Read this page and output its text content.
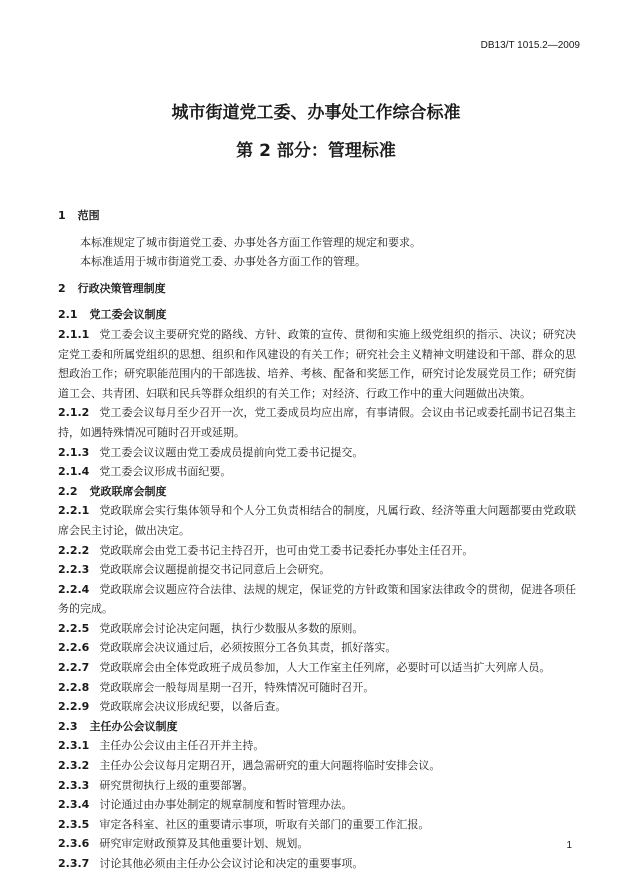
DB13/T 1015.2—2009
城市街道党工委、办事处工作综合标准
第 2 部分：管理标准

1 范围

本标准规定了城市街道党工委、办事处各方面工作管理的规定和要求。

本标准适用于城市街道党工委、办事处各方面工作的管理。

2 行政决策管理制度

2.1 党工委会议制度

2.1.1 党工委会议主要研究党的路线、方针、政策的宣传、贯彻和实施上级党组织的指示、决议；研究决定党工委和所属党组织的思想、组织和作风建设的有关工作；研究社会主义精神文明建设和干部、群众的思想政治工作；研究职能范围内的干部选拔、培养、考核、配备和奖惩工作，研究讨论发展党员工作；研究街道工会、共青团、妇联和民兵等群众组织的有关工作；对经济、行政工作中的重大问题做出决策。

2.1.2 党工委会议每月至少召开一次，党工委成员均应出席，有事请假。会议由书记或委托副书记召集主持，如遇特殊情况可随时召开或延期。

2.1.3 党工委会议议题由党工委成员提前向党工委书记提交。

2.1.4 党工委会议形成书面纪要。

2.2 党政联席会制度

2.2.1 党政联席会实行集体领导和个人分工负责相结合的制度，凡属行政、经济等重大问题都要由党政联席会民主讨论，做出决定。

2.2.2 党政联席会由党工委书记主持召开，也可由党工委书记委托办事处主任召开。

2.2.3 党政联席会议题提前提交书记同意后上会研究。

2.2.4 党政联席会议题应符合法律、法规的规定，保证党的方针政策和国家法律政令的贯彻，促进各项任务的完成。

2.2.5 党政联席会讨论决定问题，执行少数服从多数的原则。

2.2.6 党政联席会决议通过后，必须按照分工各负其责，抓好落实。

2.2.7 党政联席会由全体党政班子成员参加，人大工作室主任列席，必要时可以适当扩大列席人员。

2.2.8 党政联席会一般每周星期一召开，特殊情况可随时召开。

2.2.9 党政联席会决议形成纪要，以备后查。

2.3 主任办公会议制度

2.3.1 主任办公会议由主任召开并主持。

2.3.2 主任办公会议每月定期召开，遇急需研究的重大问题将临时安排会议。

2.3.3 研究贯彻执行上级的重要部署。

2.3.4 讨论通过由办事处制定的规章制度和暂时管理办法。

2.3.5 审定各科室、社区的重要请示事项，听取有关部门的重要工作汇报。

2.3.6 研究审定财政预算及其他重要计划、规划。

2.3.7 讨论其他必须由主任办公会议讨论和决定的重要事项。

1
